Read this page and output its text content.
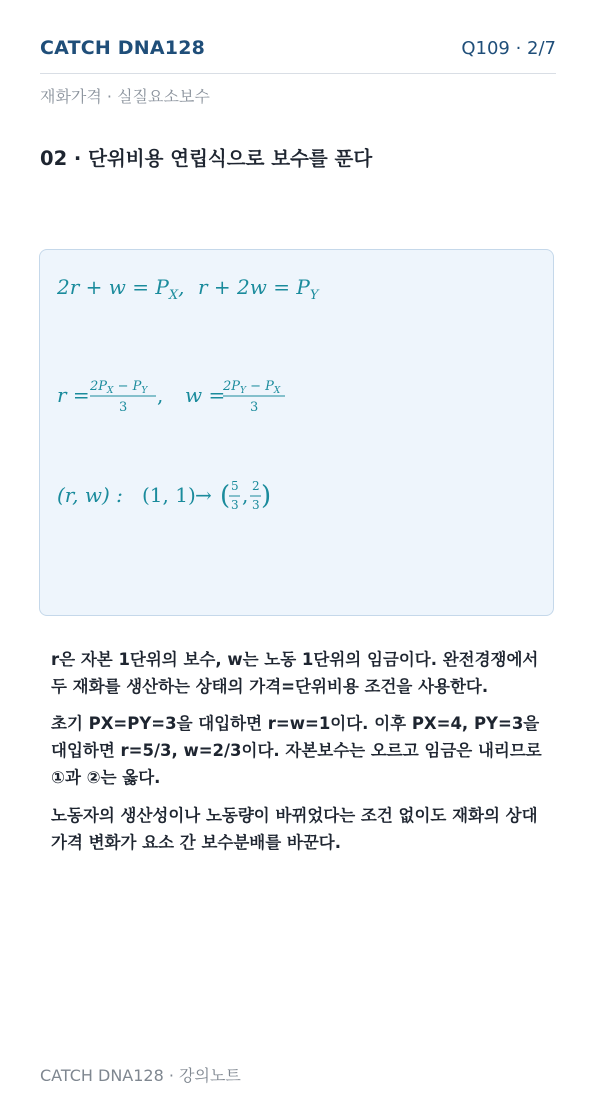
CATCH DNA128	Q109 · 2/7
재화가격 · 실질요소보수
02 · 단위비용 연립식으로 보수를 푼다
$2r + w = P_X$, $r + 2w = P_Y$
$r = 2P_X - P_Y$
3
, w =
$2P_Y - P_X$
3
(r, w) : (1, 1) → ( 5
3 , 2
3 )

r은 자본 1단위의 보수, w는 노동 1단위의 임금이다. 완전경쟁에서 두 재화를 생산하는 상태의 가격=단위비용 조건을 사용한다.

초기 PX=PY=3을 대입하면 r=w=1이다. 이후 PX=4, PY=3을 대입하면 r=5/3, w=2/3이다. 자본보수는 오르고 임금은 내리므로 ①과 ②는 옳다.

노동자의 생산성이나 노동량이 바뀌었다는 조건 없이도 재화의 상대가격 변화가 요소 간 보수분배를 바꾼다.

CATCH DNA128 · 강의노트
